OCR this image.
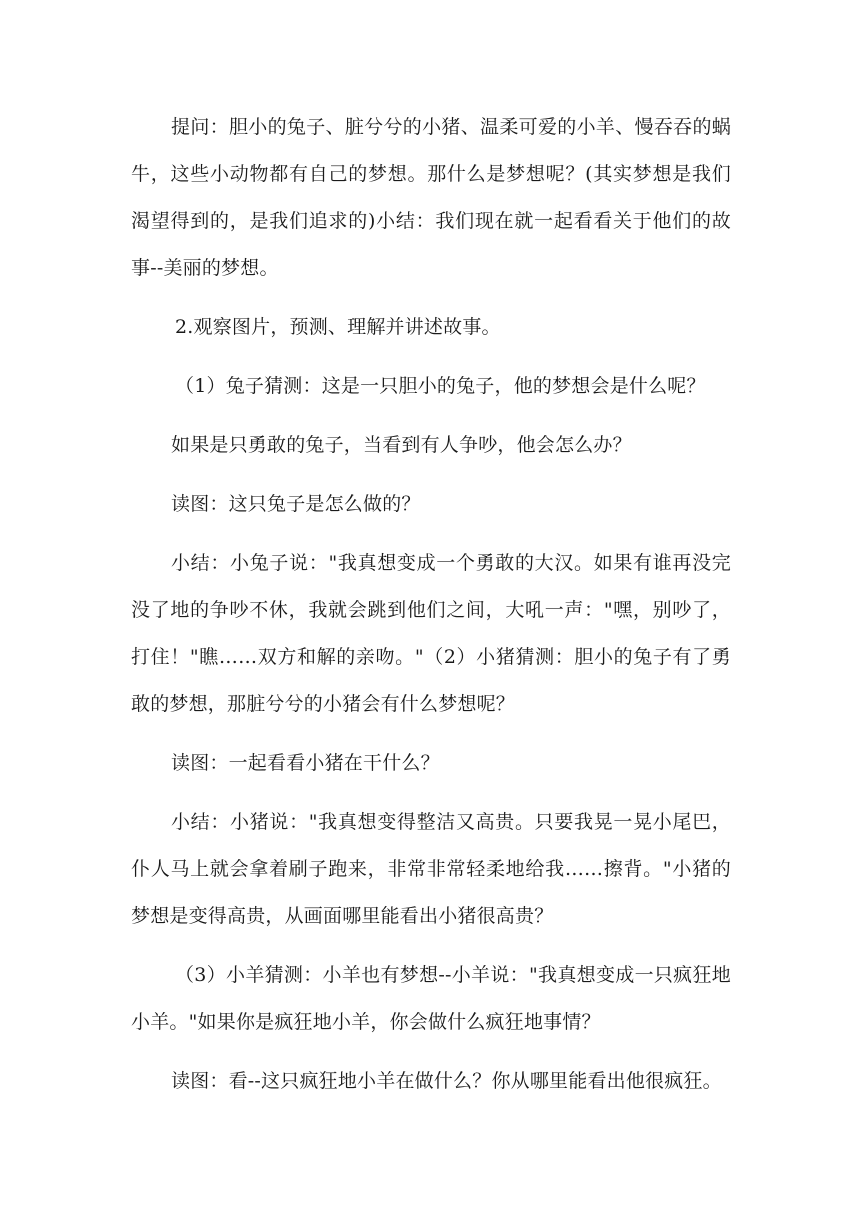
提问：胆小的兔子、脏兮兮的小猪、温柔可爱的小羊、慢吞吞的蜗牛，这些小动物都有自己的梦想。那什么是梦想呢？(其实梦想是我们渴望得到的，是我们追求的)小结：我们现在就一起看看关于他们的故事--美丽的梦想。

2.观察图片，预测、理解并讲述故事。

（1）兔子猜测：这是一只胆小的兔子，他的梦想会是什么呢？

如果是只勇敢的兔子，当看到有人争吵，他会怎么办？

读图：这只兔子是怎么做的？

小结：小兔子说："我真想变成一个勇敢的大汉。如果有谁再没完没了地的争吵不休，我就会跳到他们之间，大吼一声："嘿，别吵了，打住！"瞧……双方和解的亲吻。"（2）小猪猜测：胆小的兔子有了勇敢的梦想，那脏兮兮的小猪会有什么梦想呢？

读图：一起看看小猪在干什么？

小结：小猪说："我真想变得整洁又高贵。只要我晃一晃小尾巴，仆人马上就会拿着刷子跑来，非常非常轻柔地给我……擦背。"小猪的梦想是变得高贵，从画面哪里能看出小猪很高贵？

（3）小羊猜测：小羊也有梦想--小羊说："我真想变成一只疯狂地小羊。"如果你是疯狂地小羊，你会做什么疯狂地事情？

读图：看--这只疯狂地小羊在做什么？你从哪里能看出他很疯狂。
